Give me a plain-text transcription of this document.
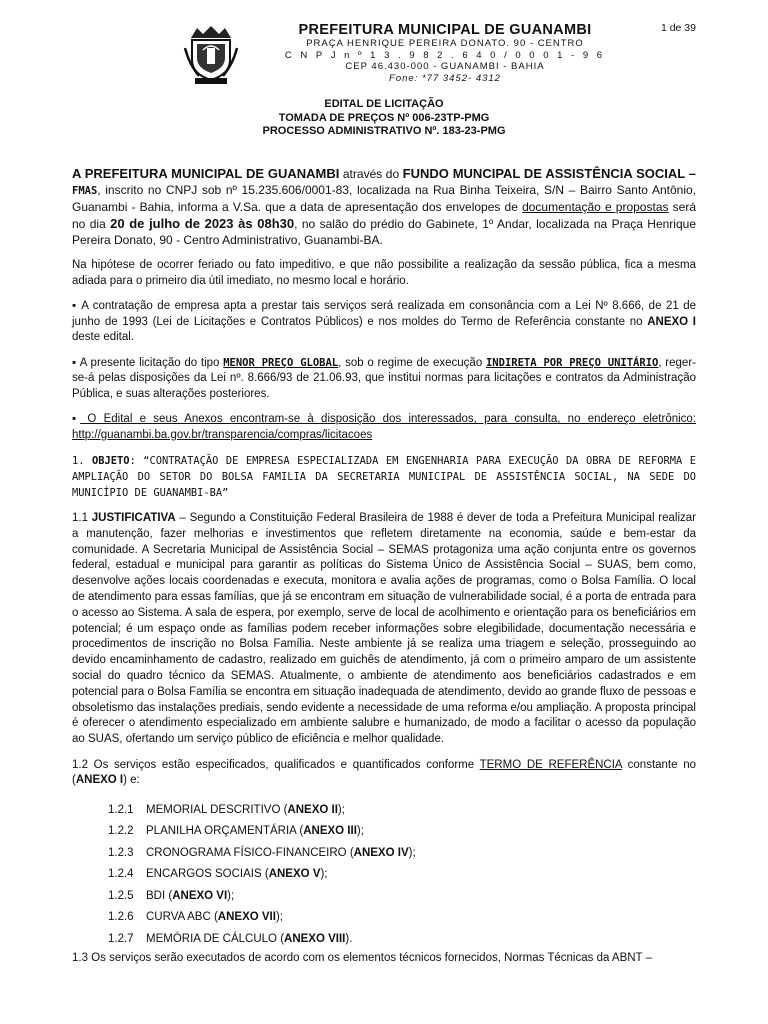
PREFEITURA MUNICIPAL DE GUANAMBI
PRAÇA HENRIQUE PEREIRA DONATO. 90 - CENTRO
C N P J n º 1 3 . 9 8 2 . 6 4 0 / 0 0 0 1 - 9 6
CEP 46.430-000 - GUANAMBI - BAHIA
Fone: *77 3452- 4312
1 de 39
EDITAL DE LICITAÇÃO
TOMADA DE PREÇOS Nº 006-23TP-PMG
PROCESSO ADMINISTRATIVO Nº. 183-23-PMG

A PREFEITURA MUNICIPAL DE GUANAMBI através do FUNDO MUNCIPAL DE ASSISTÊNCIA SOCIAL – FMAS, inscrito no CNPJ sob nº 15.235.606/0001-83, localizada na Rua Binha Teixeira, S/N – Bairro Santo Antônio, Guanambi - Bahia, informa a V.Sa. que a data de apresentação dos envelopes de documentação e propostas será no dia 20 de julho de 2023 às 08h30, no salão do prédio do Gabinete, 1º Andar, localizada na Praça Henrique Pereira Donato, 90 - Centro Administrativo, Guanambi-BA.

Na hipótese de ocorrer feriado ou fato impeditivo, e que não possibilite a realização da sessão pública, fica a mesma adiada para o primeiro dia útil imediato, no mesmo local e horário.

▪ A contratação de empresa apta a prestar tais serviços será realizada em consonância com a Lei Nº 8.666, de 21 de junho de 1993 (Lei de Licitações e Contratos Públicos) e nos moldes do Termo de Referência constante no ANEXO I deste edital.

▪ A presente licitação do tipo MENOR PREÇO GLOBAL, sob o regime de execução INDIRETA POR PREÇO UNITÁRIO, reger-se-á pelas disposições da Lei nº. 8.666/93 de 21.06.93, que institui normas para licitações e contratos da Administração Pública, e suas alterações posteriores.

▪ O Edital e seus Anexos encontram-se à disposição dos interessados, para consulta, no endereço eletrônico: http://guanambi.ba.gov.br/transparencia/compras/licitacoes

1. OBJETO: “CONTRATAÇÃO DE EMPRESA ESPECIALIZADA EM ENGENHARIA PARA EXECUÇÃO DA OBRA DE REFORMA E AMPLIAÇÃO DO SETOR DO BOLSA FAMILIA DA SECRETARIA MUNICIPAL DE ASSISTÊNCIA SOCIAL, NA SEDE DO MUNICÍPIO DE GUANAMBI-BA”

1.1 JUSTIFICATIVA – Segundo a Constituição Federal Brasileira de 1988 é dever de toda a Prefeitura Municipal realizar a manutenção, fazer melhorias e investimentos que refletem diretamente na economia, saúde e bem-estar da comunidade. A Secretaria Municipal de Assistência Social – SEMAS protagoniza uma ação conjunta entre os governos federal, estadual e municipal para garantir as políticas do Sistema Único de Assistência Social – SUAS, bem como, desenvolve ações locais coordenadas e executa, monitora e avalia ações de programas, como o Bolsa Família. O local de atendimento para essas famílias, que já se encontram em situação de vulnerabilidade social, é a porta de entrada para o acesso ao Sistema. A sala de espera, por exemplo, serve de local de acolhimento e orientação para os beneficiários em potencial; é um espaço onde as famílias podem receber informações sobre elegibilidade, documentação necessária e procedimentos de inscrição no Bolsa Família. Neste ambiente já se realiza uma triagem e seleção, prosseguindo ao devido encaminhamento de cadastro, realizado em guichês de atendimento, já com o primeiro amparo de um assistente social do quadro técnico da SEMAS. Atualmente, o ambiente de atendimento aos beneficiários cadastrados e em potencial para o Bolsa Família se encontra em situação inadequada de atendimento, devido ao grande fluxo de pessoas e obsoletismo das instalações prediais, sendo evidente a necessidade de uma reforma e/ou ampliação. A proposta principal é oferecer o atendimento especializado em ambiente salubre e humanizado, de modo a facilitar o acesso da população ao SUAS, ofertando um serviço público de eficiência e melhor qualidade.

1.2 Os serviços estão especificados, qualificados e quantificados conforme TERMO DE REFERÊNCIA constante no (ANEXO I) e:

1.2.1	MEMORIAL DESCRITIVO (ANEXO II);
1.2.2	PLANILHA ORÇAMENTÁRIA (ANEXO III);
1.2.3	CRONOGRAMA FÍSICO-FINANCEIRO (ANEXO IV);
1.2.4	ENCARGOS SOCIAIS (ANEXO V);
1.2.5	BDI (ANEXO VI);
1.2.6	CURVA ABC (ANEXO VII);
1.2.7	MEMÓRIA DE CÁLCULO (ANEXO VIII).

1.3 Os serviços serão executados de acordo com os elementos técnicos fornecidos, Normas Técnicas da ABNT –
